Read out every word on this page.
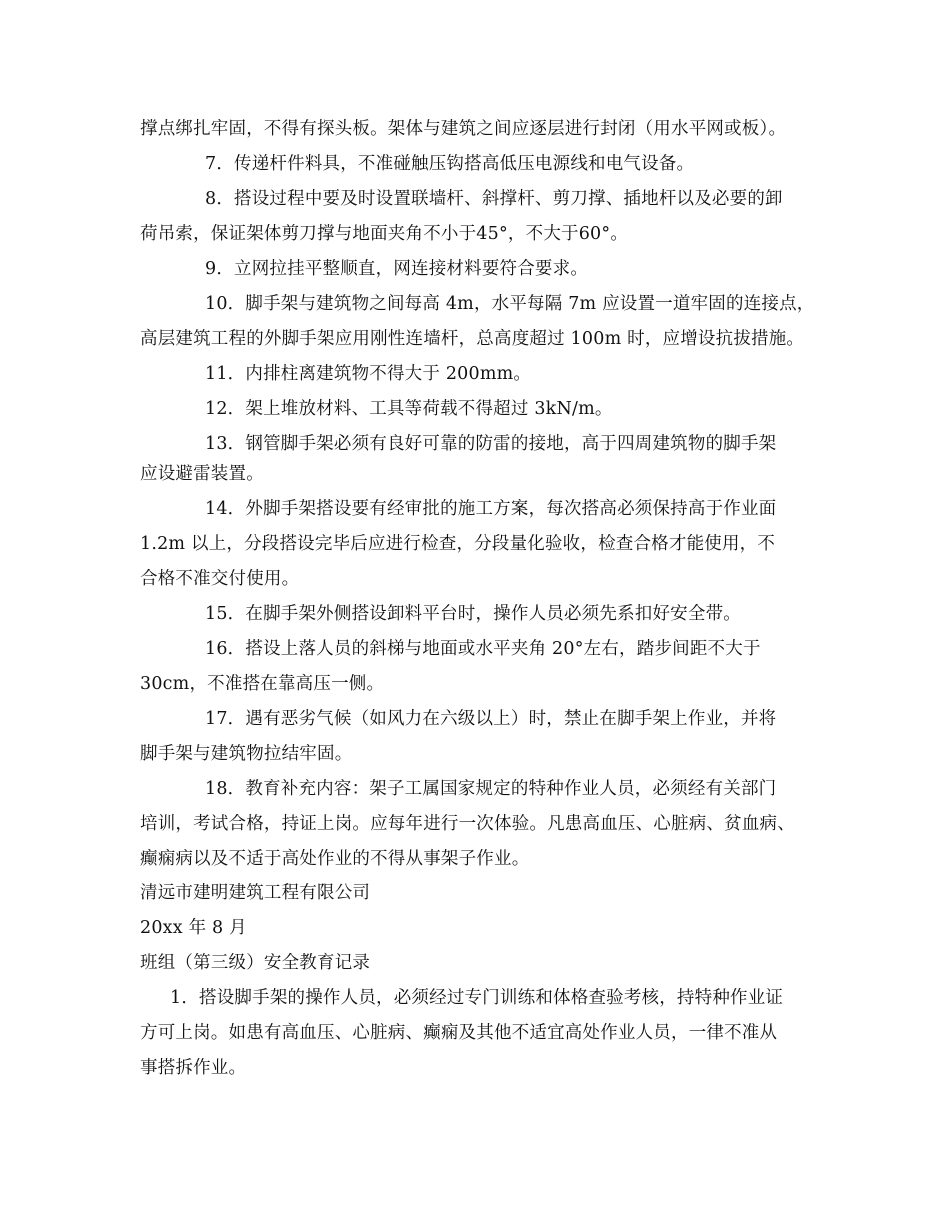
撑点绑扎牢固，不得有探头板。架体与建筑之间应逐层进行封闭（用水平网或板）。
7．传递杆件料具，不准碰触压钩搭高低压电源线和电气设备。
8．搭设过程中要及时设置联墙杆、斜撑杆、剪刀撑、插地杆以及必要的卸
荷吊索，保证架体剪刀撑与地面夹角不小于45°，不大于60°。
9．立网拉挂平整顺直，网连接材料要符合要求。
10．脚手架与建筑物之间每高 4m，水平每隔 7m 应设置一道牢固的连接点，
高层建筑工程的外脚手架应用刚性连墙杆，总高度超过 100m 时，应增设抗拔措施。
11．内排柱离建筑物不得大于 200mm。
12．架上堆放材料、工具等荷载不得超过 3kN/m。
13．钢管脚手架必须有良好可靠的防雷的接地，高于四周建筑物的脚手架
应设避雷装置。
14．外脚手架搭设要有经审批的施工方案，每次搭高必须保持高于作业面
1.2m 以上，分段搭设完毕后应进行检查，分段量化验收，检查合格才能使用，不
合格不准交付使用。
15．在脚手架外侧搭设卸料平台时，操作人员必须先系扣好安全带。
16．搭设上落人员的斜梯与地面或水平夹角 20°左右，踏步间距不大于
30cm，不准搭在靠高压一侧。
17．遇有恶劣气候（如风力在六级以上）时，禁止在脚手架上作业，并将
脚手架与建筑物拉结牢固。
18．教育补充内容：架子工属国家规定的特种作业人员，必须经有关部门
培训，考试合格，持证上岗。应每年进行一次体验。凡患高血压、心脏病、贫血病、
癫痫病以及不适于高处作业的不得从事架子作业。
清远市建明建筑工程有限公司
20xx 年 8 月
班组（第三级）安全教育记录
1．搭设脚手架的操作人员，必须经过专门训练和体格查验考核，持特种作业证
方可上岗。如患有高血压、心脏病、癫痫及其他不适宜高处作业人员，一律不准从
事搭拆作业。
